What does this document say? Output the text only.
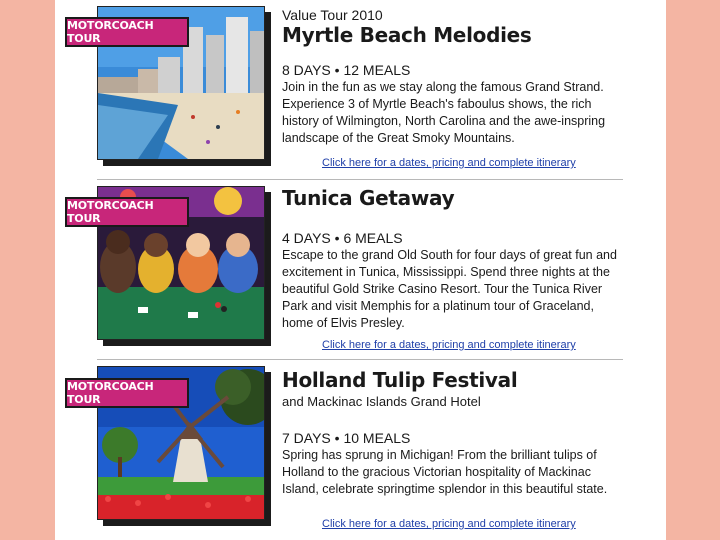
MOTORCOACH TOUR
Value Tour 2010
Myrtle Beach Melodies
8 DAYS • 12 MEALS
Join in the fun as we stay along the famous Grand Strand. Experience 3 of Myrtle Beach's faboulus shows, the rich history of Wilmington, North Carolina and the awe-inspring landscape of the Great Smoky Mountains.
Click here for a dates, pricing and complete itinerary
MOTORCOACH TOUR
Tunica Getaway
4 DAYS • 6 MEALS
Escape to the grand Old South for four days of great fun and excitement in Tunica, Mississippi. Spend three nights at the beautiful Gold Strike Casino Resort. Tour the Tunica River Park and visit Memphis for a platinum tour of Graceland, home of Elvis Presley.
Click here for a dates, pricing and complete itinerary
MOTORCOACH TOUR
Holland Tulip Festival
and Mackinac Islands Grand Hotel
7 DAYS • 10 MEALS
Spring has sprung in Michigan! From the brilliant tulips of Holland to the gracious Victorian hospitality of Mackinac Island, celebrate springtime splendor in this beautiful state.
Click here for a dates, pricing and complete itinerary
